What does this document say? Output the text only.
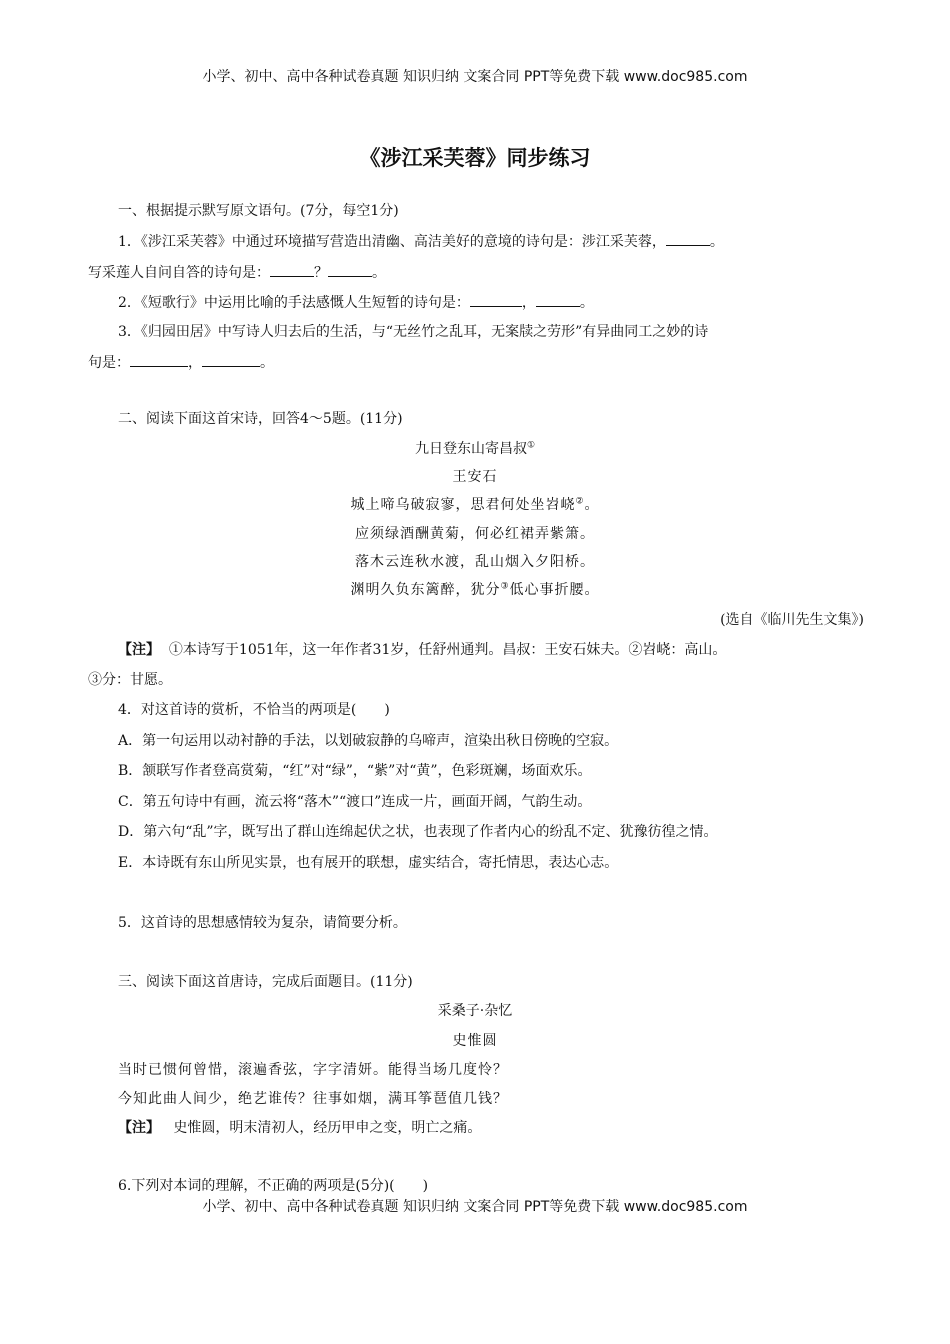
小学、初中、高中各种试卷真题 知识归纳 文案合同 PPT等免费下载 www.doc985.com
《涉江采芙蓉》同步练习
一、根据提示默写原文语句。(7分，每空1分)
1．《涉江采芙蓉》中通过环境描写营造出清幽、高洁美好的意境的诗句是：涉江采芙蓉，	。
写采莲人自问自答的诗句是：	？	。
2．《短歌行》中运用比喻的手法感慨人生短暂的诗句是：	，	。
3．《归园田居》中写诗人归去后的生活，与“无丝竹之乱耳，无案牍之劳形”有异曲同工之妙的诗
句是：	，	。
二、阅读下面这首宋诗，回答4～5题。(11分)
九日登东山寄昌叔①
王安石
城上啼乌破寂寥，思君何处坐岧峣②。
应须绿酒酬黄菊，何必红裙弄紫箫。
落木云连秋水渡，乱山烟入夕阳桥。
渊明久负东篱醉，犹分③低心事折腰。
(选自《临川先生文集》)
【注】 ①本诗写于1051年，这一年作者31岁，任舒州通判。昌叔：王安石妹夫。②岧峣：高山。
③分：甘愿。
4．对这首诗的赏析，不恰当的两项是(　　)
A．第一句运用以动衬静的手法，以划破寂静的乌啼声，渲染出秋日傍晚的空寂。
B．颔联写作者登高赏菊，“红”对“绿”，“紫”对“黄”，色彩斑斓，场面欢乐。
C．第五句诗中有画，流云将“落木”“渡口”连成一片，画面开阔，气韵生动。
D．第六句“乱”字，既写出了群山连绵起伏之状，也表现了作者内心的纷乱不定、犹豫彷徨之情。
E．本诗既有东山所见实景，也有展开的联想，虚实结合，寄托情思，表达心志。
5．这首诗的思想感情较为复杂，请简要分析。
三、阅读下面这首唐诗，完成后面题目。(11分)
采桑子·杂忆
史惟圆
当时已惯何曾惜，滚遍香弦，字字清妍。能得当场几度怜？
今知此曲人间少，绝艺谁传？往事如烟，满耳筝琶值几钱？
【注】 史惟圆，明末清初人，经历甲申之变，明亡之痛。
6.下列对本词的理解，不正确的两项是(5分)(　　)
小学、初中、高中各种试卷真题 知识归纳 文案合同 PPT等免费下载 www.doc985.com
